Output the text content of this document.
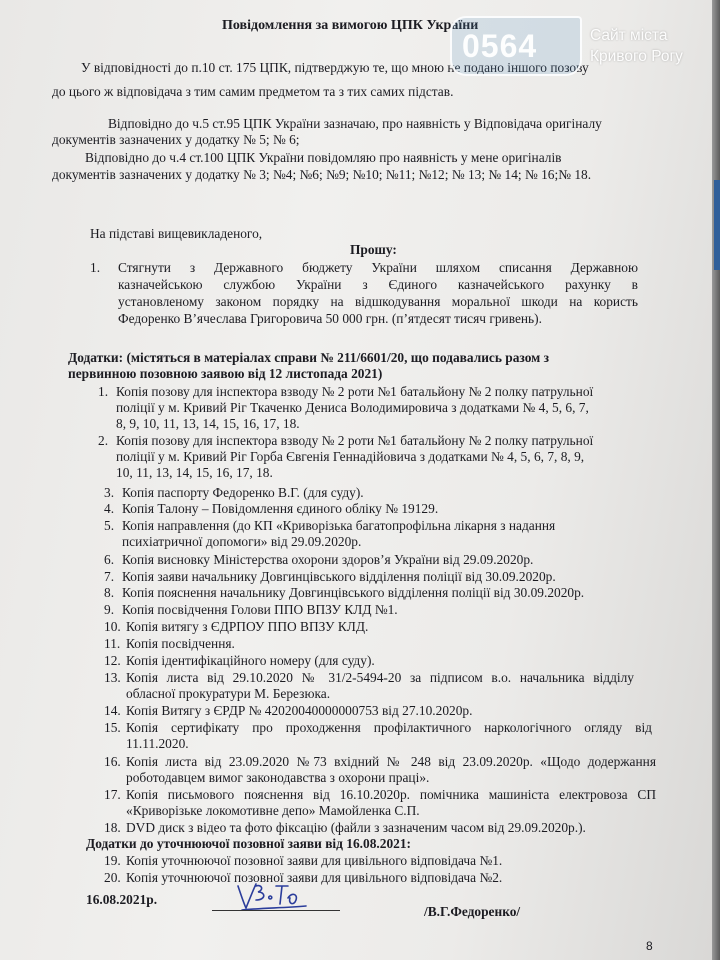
Повідомлення за вимогою ЦПК України
У відповідності до п.10 ст. 175 ЦПК, підтверджую те, що мною не подано іншого позову
до цього ж відповідача з тим самим предметом та з тих самих підстав.
Відповідно до ч.5 ст.95 ЦПК України зазначаю, про наявність у Відповідача оригіналу
документів зазначених у додатку № 5; № 6;
Відповідно до ч.4 ст.100 ЦПК України повідомляю про наявність у мене оригіналів
документів зазначених у додатку № 3; №4; №6; №9; №10; №11; №12; № 13; № 14; № 16;№ 18.
На підставі вищевикладеного,
Прошу:
1. Стягнути з Державного бюджету України шляхом списання Державною
казначейською службою України з Єдиного казначейського рахунку в
установленому законом порядку на відшкодування моральної шкоди на користь
Федоренко В’ячеслава Григоровича 50 000 грн. (п’ятдесят тисяч гривень).
Додатки: (містяться в матеріалах справи № 211/6601/20, що подавались разом з
первинною позовною заявою від 12 листопада 2021)
1. Копія позову для інспектора взводу № 2 роти №1 батальйону № 2 полку патрульної
поліції у м. Кривий Ріг Ткаченко Дениса Володимировича з додатками № 4, 5, 6, 7,
8, 9, 10, 11, 13, 14, 15, 16, 17, 18.
2. Копія позову для інспектора взводу № 2 роти №1 батальйону № 2 полку патрульної
поліції у м. Кривий Ріг Горба Євгенія Геннадійовича з додатками № 4, 5, 6, 7, 8, 9,
10, 11, 13, 14, 15, 16, 17, 18.
3. Копія паспорту Федоренко В.Г. (для суду).
4. Копія Талону – Повідомлення єдиного обліку № 19129.
5. Копія направлення (до КП «Криворізька багатопрофільна лікарня з надання
психіатричної допомоги» від 29.09.2020р.
6. Копія висновку Міністерства охорони здоров’я України від 29.09.2020р.
7. Копія заяви начальнику Довгинцівського відділення поліції від 30.09.2020р.
8. Копія пояснення начальнику Довгинцівського відділення поліції від 30.09.2020р.
9. Копія посвідчення Голови ППО ВПЗУ КЛД №1.
10. Копія витягу з ЄДРПОУ ППО ВПЗУ КЛД.
11. Копія посвідчення.
12. Копія ідентифікаційного номеру (для суду).
13. Копія листа від 29.10.2020 № 31/2-5494-20 за підписом в.о. начальника відділу
обласної прокуратури М. Березюка.
14. Копія Витягу з ЄРДР № 42020040000000753 від 27.10.2020р.
15. Копія сертифікату про проходження профілактичного наркологічного огляду від
11.11.2020.
16. Копія листа від 23.09.2020 №73 вхідний № 248 від 23.09.2020р. «Щодо додержання
роботодавцем вимог законодавства з охорони праці».
17. Копія письмового пояснення від 16.10.2020р. помічника машиніста електровоза СП
«Криворізьке локомотивне депо» Мамойленка С.П.
18. DVD диск з відео та фото фіксацію (файли з зазначеним часом від 29.09.2020р.).
Додатки до уточнюючої позовної заяви від 16.08.2021:
19. Копія уточнюючої позовної заяви для цивільного відповідача №1.
20. Копія уточнюючої позовної заяви для цивільного відповідача №2.
16.08.2021р.
/В.Г.Федоренко/
8
0564	Сайт міста
Кривого Рогу
